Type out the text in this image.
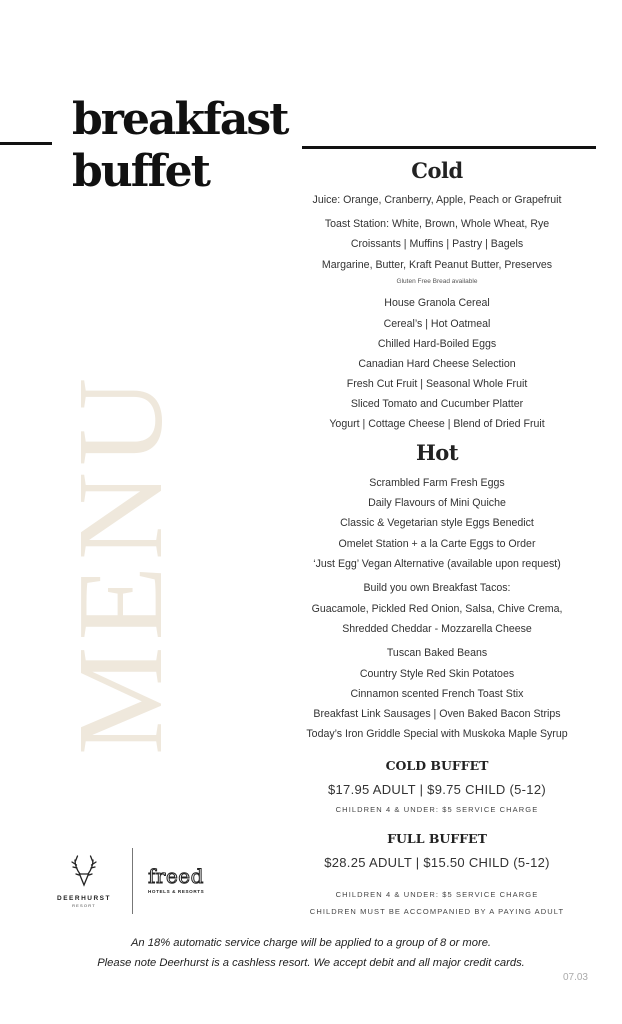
breakfast
buffet
MENU
Cold
Juice: Orange, Cranberry, Apple, Peach or Grapefruit
Toast Station: White, Brown, Whole Wheat, Rye
Croissants | Muffins | Pastry | Bagels
Margarine, Butter, Kraft Peanut Butter, Preserves
Gluten Free Bread available
House Granola Cereal
Cereal’s | Hot Oatmeal
Chilled Hard-Boiled Eggs
Canadian Hard Cheese Selection
Fresh Cut Fruit | Seasonal Whole Fruit
Sliced Tomato and Cucumber Platter
Yogurt | Cottage Cheese | Blend of Dried Fruit
Hot
Scrambled Farm Fresh Eggs
Daily Flavours of Mini Quiche
Classic & Vegetarian style Eggs Benedict
Omelet Station + a la Carte Eggs to Order
‘Just Egg’ Vegan Alternative (available upon request)
Build you own Breakfast Tacos:
Guacamole, Pickled Red Onion, Salsa, Chive Crema,
Shredded Cheddar - Mozzarella Cheese
Tuscan Baked Beans
Country Style Red Skin Potatoes
Cinnamon scented French Toast Stix
Breakfast Link Sausages | Oven Baked Bacon Strips
Today’s Iron Griddle Special with Muskoka Maple Syrup
COLD BUFFET
$17.95 ADULT | $9.75 CHILD (5-12)
CHILDREN 4 & UNDER: $5 SERVICE CHARGE
FULL BUFFET
$28.25 ADULT | $15.50 CHILD (5-12)
CHILDREN 4 & UNDER: $5 SERVICE CHARGE
CHILDREN MUST BE ACCOMPANIED BY A PAYING ADULT
DEERHURST
RESORT
freed
HOTELS & RESORTS
An 18% automatic service charge will be applied to a group of 8 or more.
Please note Deerhurst is a cashless resort. We accept debit and all major credit cards.
07.03
